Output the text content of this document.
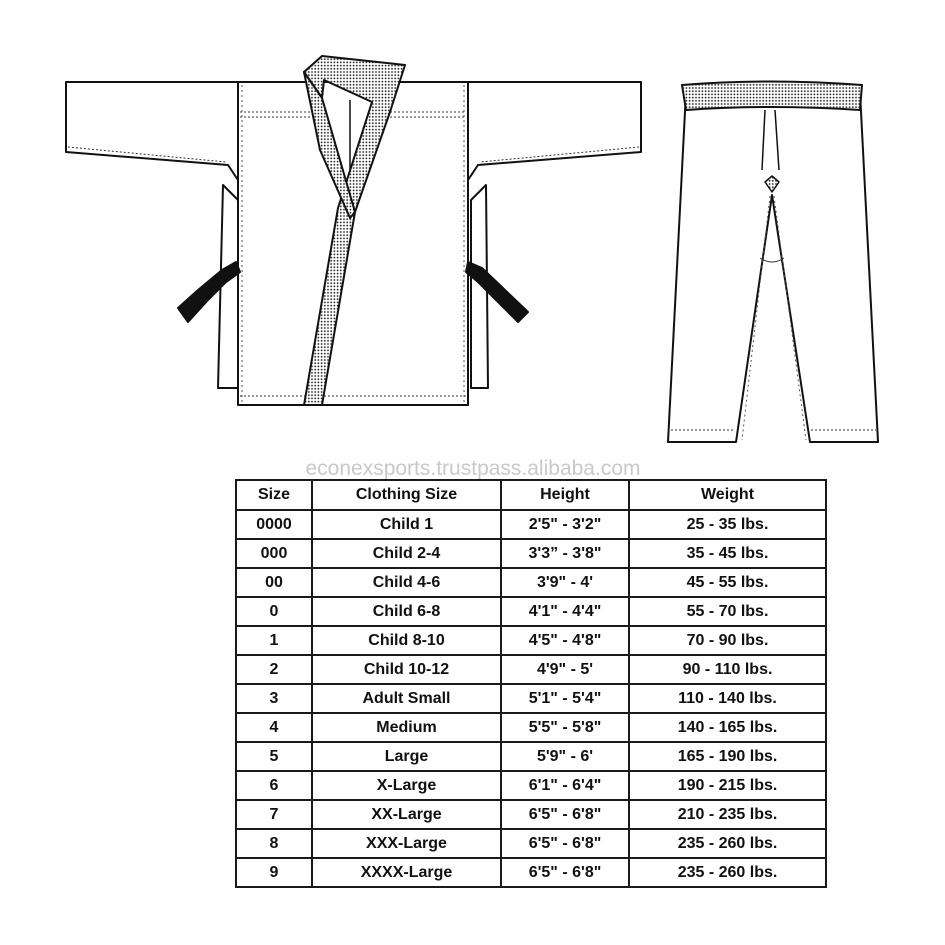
econexsports.trustpass.alibaba.com
Size	Clothing Size	Height	Weight
0000	Child 1	2'5" - 3'2"	25 - 35 lbs.
000	Child 2-4	3'3” - 3'8"	35 - 45 lbs.
00	Child 4-6	3'9" - 4'	45 - 55 lbs.
0	Child 6-8	4'1" - 4'4"	55 - 70 lbs.
1	Child 8-10	4'5" - 4'8"	70 - 90 lbs.
2	Child 10-12	4'9" - 5'	90 - 110 lbs.
3	Adult Small	5'1" - 5'4"	110 - 140 lbs.
4	Medium	5'5" - 5'8"	140 - 165 lbs.
5	Large	5'9" - 6'	165 - 190 lbs.
6	X-Large	6'1" - 6'4"	190 - 215 lbs.
7	XX-Large	6'5" - 6'8"	210 - 235 lbs.
8	XXX-Large	6'5" - 6'8"	235 - 260 lbs.
9	XXXX-Large	6'5" - 6'8"	235 - 260 lbs.
